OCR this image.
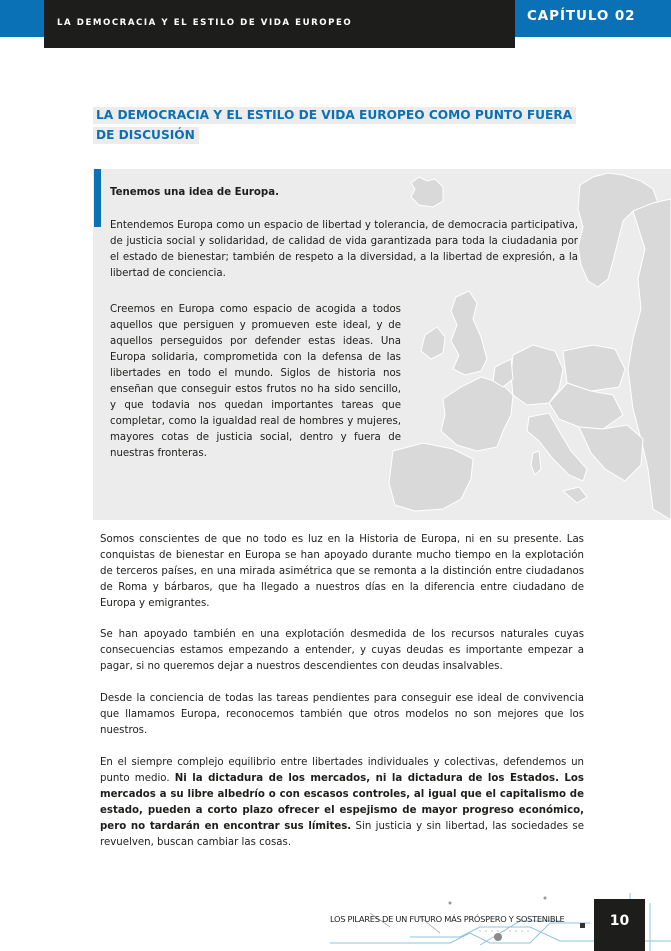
LA DEMOCRACIA Y EL ESTILO DE VIDA EUROPEO	CAPÍTULO 02
LA DEMOCRACIA Y EL ESTILO DE VIDA EUROPEO COMO PUNTO FUERA
DE DISCUSIÓN
Tenemos una idea de Europa.

Entendemos Europa como un espacio de libertad y tolerancia, de democracia participativa, de justicia social y solidaridad, de calidad de vida garantizada para toda la ciudadania por el estado de bienestar; también de respeto a la diversidad, a la libertad de expresión, a la libertad de conciencia.

Creemos en Europa como espacio de acogida a todos aquellos que persiguen y promueven este ideal, y de aquellos perseguidos por defender estas ideas. Una Europa solidaria, comprometida con la defensa de las libertades en todo el mundo. Siglos de historia nos enseñan que conseguir estos frutos no ha sido sencillo, y que todavia nos quedan importantes tareas que completar, como la igualdad real de hombres y mujeres, mayores cotas de justicia social, dentro y fuera de nuestras fronteras.

Somos conscientes de que no todo es luz en la Historia de Europa, ni en su presente. Las conquistas de bienestar en Europa se han apoyado durante mucho tiempo en la explotación de terceros países, en una mirada asimétrica que se remonta a la distinción entre ciudadanos de Roma y bárbaros, que ha llegado a nuestros días en la diferencia entre ciudadano de Europa y emigrantes.

Se han apoyado también en una explotación desmedida de los recursos naturales cuyas consecuencias estamos empezando a entender, y cuyas deudas es importante empezar a pagar, si no queremos dejar a nuestros descendientes con deudas insalvables.

Desde la conciencia de todas las tareas pendientes para conseguir ese ideal de convivencia que llamamos Europa, reconocemos también que otros modelos no son mejores que los nuestros.

En el siempre complejo equilibrio entre libertades individuales y colectivas, defendemos un punto medio. Ni la dictadura de los mercados, ni la dictadura de los Estados. Los mercados a su libre albedrío o con escasos controles, al igual que el capitalismo de estado, pueden a corto plazo ofrecer el espejismo de mayor progreso económico, pero no tardarán en encontrar sus límites. Sin justicia y sin libertad, las sociedades se revuelven, buscan cambiar las cosas.

LOS PILARES DE UN FUTURO MÁS PRÓSPERO Y SOSTENIBLE	10
